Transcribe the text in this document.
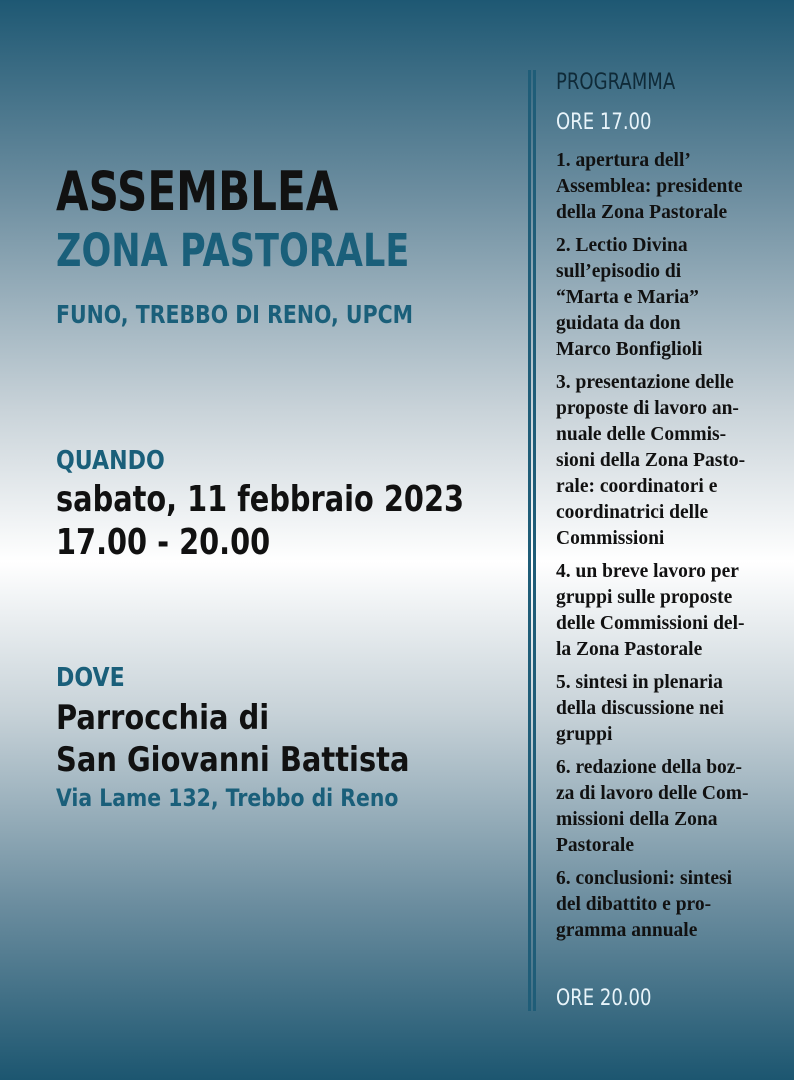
ASSEMBLEA
ZONA PASTORALE
FUNO, TREBBO DI RENO, UPCM
QUANDO
sabato, 11 febbraio 2023
17.00 - 20.00
DOVE
Parrocchia di
San Giovanni Battista
Via Lame 132, Trebbo di Reno
PROGRAMMA
ORE 17.00
1. apertura dell’
Assemblea: presidente
della Zona Pastorale
2. Lectio Divina
sull’episodio di
“Marta e Maria”
guidata da don
Marco Bonfiglioli
3. presentazione delle
proposte di lavoro an-
nuale delle Commis-
sioni della Zona Pasto-
rale: coordinatori e
coordinatrici delle
Commissioni
4. un breve lavoro per
gruppi sulle proposte
delle Commissioni del-
la Zona Pastorale
5. sintesi in plenaria
della discussione nei
gruppi
6. redazione della boz-
za di lavoro delle Com-
missioni della Zona
Pastorale
6. conclusioni: sintesi
del dibattito e pro-
gramma annuale
ORE 20.00
